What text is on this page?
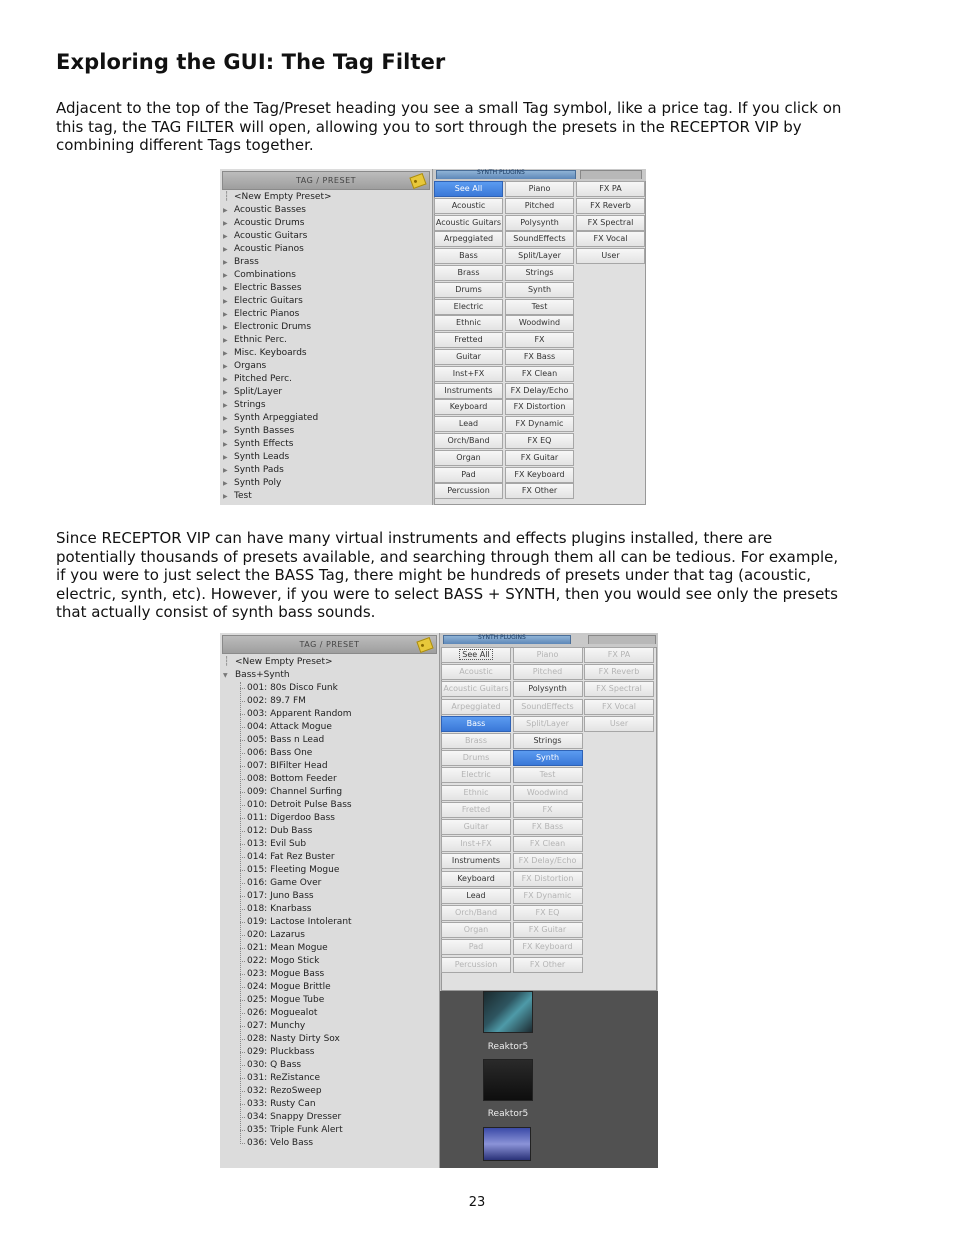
Exploring the GUI: The Tag Filter
Adjacent to the top of the Tag/Preset heading you see a small Tag symbol, like a price tag. If you click on this tag, the TAG FILTER will open, allowing you to sort through the presets in the RECEPTOR VIP by combining different Tags together.
TAG / PRESET
┆ <New Empty Preset>
▶ Acoustic Basses
▶ Acoustic Drums
▶ Acoustic Guitars
▶ Acoustic Pianos
▶ Brass
▶ Combinations
▶ Electric Basses
▶ Electric Guitars
▶ Electric Pianos
▶ Electronic Drums
▶ Ethnic Perc.
▶ Misc. Keyboards
▶ Organs
▶ Pitched Perc.
▶ Split/Layer
▶ Strings
▶ Synth Arpeggiated
▶ Synth Basses
▶ Synth Effects
▶ Synth Leads
▶ Synth Pads
▶ Synth Poly
▶ Test
SYNTH PLUGINS
See All
Acoustic
Acoustic Guitars
Arpeggiated
Bass
Brass
Drums
Electric
Ethnic
Fretted
Guitar
Inst+FX
Instruments
Keyboard
Lead
Orch/Band
Organ
Pad
Percussion
Piano
Pitched
Polysynth
SoundEffects
Split/Layer
Strings
Synth
Test
Woodwind
FX
FX Bass
FX Clean
FX Delay/Echo
FX Distortion
FX Dynamic
FX EQ
FX Guitar
FX Keyboard
FX Other
FX PA
FX Reverb
FX Spectral
FX Vocal
User
Since RECEPTOR VIP can have many virtual instruments and effects plugins installed, there are potentially thousands of presets available, and searching through them all can be tedious. For example, if you were to just select the BASS Tag, there might be hundreds of presets under that tag (acoustic, electric, synth, etc). However, if you were to select BASS + SYNTH, then you would see only the presets that actually consist of synth bass sounds.
TAG / PRESET
┆ <New Empty Preset>
▼ Bass+Synth
001: 80s Disco Funk
002: 89.7 FM
003: Apparent Random
004: Attack Mogue
005: Bass n Lead
006: Bass One
007: BIFilter Head
008: Bottom Feeder
009: Channel Surfing
010: Detroit Pulse Bass
011: Digerdoo Bass
012: Dub Bass
013: Evil Sub
014: Fat Rez Buster
015: Fleeting Mogue
016: Game Over
017: Juno Bass
018: Knarbass
019: Lactose Intolerant
020: Lazarus
021: Mean Mogue
022: Mogo Stick
023: Mogue Bass
024: Mogue Brittle
025: Mogue Tube
026: Moguealot
027: Munchy
028: Nasty Dirty Sox
029: Pluckbass
030: Q Bass
031: ReZistance
032: RezoSweep
033: Rusty Can
034: Snappy Dresser
035: Triple Funk Alert
036: Velo Bass
SYNTH PLUGINS
Reaktor5
Reaktor5
See All
Acoustic
Acoustic Guitars
Arpeggiated
Bass
Brass
Drums
Electric
Ethnic
Fretted
Guitar
Inst+FX
Instruments
Keyboard
Lead
Orch/Band
Organ
Pad
Percussion
Piano
Pitched
Polysynth
SoundEffects
Split/Layer
Strings
Synth
Test
Woodwind
FX
FX Bass
FX Clean
FX Delay/Echo
FX Distortion
FX Dynamic
FX EQ
FX Guitar
FX Keyboard
FX Other
FX PA
FX Reverb
FX Spectral
FX Vocal
User
23
